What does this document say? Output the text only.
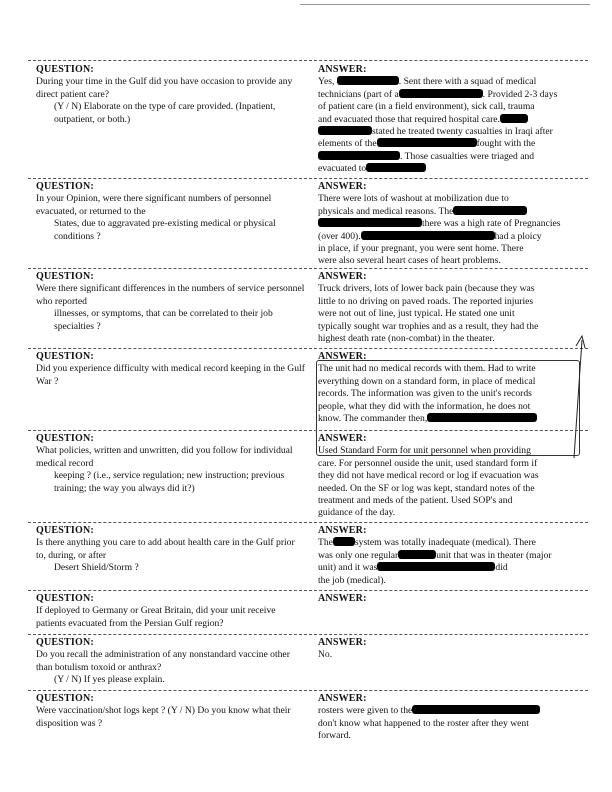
QUESTION:
During your time in the Gulf did you have occasion to provide any direct patient care?
(Y / N) Elaborate on the type of care provided. (Inpatient, outpatient, or both.)
ANSWER:
Yes,	. Sent there with a squad of medical
technicians (part of a	. Provided 2-3 days
of patient care (in a field environment), sick call, trauma
and evacuated those that required hospital care.
stated he treated twenty casualties in Iraqi after
elements of the	fought with the
. Those casualties were triaged and
evacuated to
QUESTION:
In your Opinion, were there significant numbers of personnel evacuated, or returned to the
States, due to aggravated pre-existing medical or physical conditions ?
ANSWER:
There were lots of washout at mobilization due to
physicals and medical reasons. The
there was a high rate of Pregnancies
(over 400).	had a ploicy
in place, if your pregnant, you were sent home. There
were also several heart cases of heart problems.
QUESTION:
Were there significant differences in the numbers of service personnel who reported
illnesses, or symptoms, that can be correlated to their job specialties ?
ANSWER:
Truck drivers, lots of lower back pain (because they was
little to no driving on paved roads. The reported injuries
were not out of line, just typical. He stated one unit
typically sought war trophies and as a result, they had the
highest death rate (non-combat) in the theater.
QUESTION:
Did you experience difficulty with medical record keeping in the Gulf War ?
ANSWER:
The unit had no medical records with them. Had to write
everything down on a standard form, in place of medical
records. The information was given to the unit's records
people, what they did with the information, he does not
know. The commander then,
QUESTION:
What policies, written and unwritten, did you follow for individual medical record
keeping ? (i.e., service regulation; new instruction; previous training; the way you always did it?)
ANSWER:
Used Standard Form for unit personnel when providing
care. For personnel ouside the unit, used standard form if
they did not have medical record or log if evacuation was
needed. On the SF or log was kept, standard notes of the
treatment and meds of the patient. Used SOP's and
guidance of the day.
QUESTION:
Is there anything you care to add about health care in the Gulf prior to, during, or after
Desert Shield/Storm ?
ANSWER:
The system was totally inadequate (medical). There
was only one regular	unit that was in theater (major
unit) and it was	did
the job (medical).
QUESTION:
If deployed to Germany or Great Britain, did your unit receive patients evacuated from the Persian Gulf region?
ANSWER:
QUESTION:
Do you recall the administration of any nonstandard vaccine other than botulism toxoid or anthrax?
(Y / N) If yes please explain.
ANSWER:
No.
QUESTION:
Were vaccination/shot logs kept ? (Y / N) Do you know what their disposition was ?
ANSWER:
rosters were given to the
don't know what happened to the roster after they went
forward.
